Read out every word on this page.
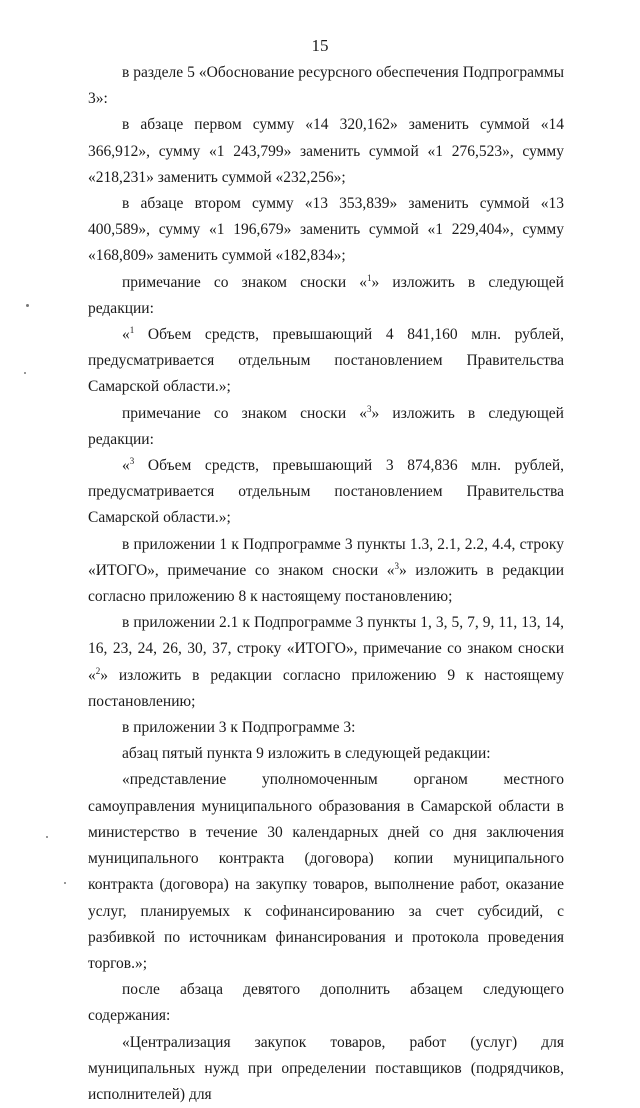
15

в разделе 5 «Обоснование ресурсного обеспечения Подпрограммы 3»:

в абзаце первом сумму «14 320,162» заменить суммой «14 366,912», сумму «1 243,799» заменить суммой «1 276,523», сумму «218,231» заменить суммой «232,256»;

в абзаце втором сумму «13 353,839» заменить суммой «13 400,589», сумму «1 196,679» заменить суммой «1 229,404», сумму «168,809» заменить суммой «182,834»;

примечание со знаком сноски «$^1$» изложить в следующей редакции:

«$^1$ Объем средств, превышающий 4 841,160 млн. рублей, предусматривается отдельным постановлением Правительства Самарской области.»;

примечание со знаком сноски «$^3$» изложить в следующей редакции:

«$^3$ Объем средств, превышающий 3 874,836 млн. рублей, предусматривается отдельным постановлением Правительства Самарской области.»;

в приложении 1 к Подпрограмме 3 пункты 1.3, 2.1, 2.2, 4.4, строку «ИТОГО», примечание со знаком сноски «$^3$» изложить в редакции согласно приложению 8 к настоящему постановлению;

в приложении 2.1 к Подпрограмме 3 пункты 1, 3, 5, 7, 9, 11, 13, 14, 16, 23, 24, 26, 30, 37, строку «ИТОГО», примечание со знаком сноски «$^2$» изложить в редакции согласно приложению 9 к настоящему постановлению;

в приложении 3 к Подпрограмме 3:

абзац пятый пункта 9 изложить в следующей редакции:

«представление уполномоченным органом местного самоуправления муниципального образования в Самарской области в министерство в течение 30 календарных дней со дня заключения муниципального контракта (договора) копии муниципального контракта (договора) на закупку товаров, выполнение работ, оказание услуг, планируемых к софинансированию за счет субсидий, с разбивкой по источникам финансирования и протокола проведения торгов.»;

после абзаца девятого дополнить абзацем следующего содержания:

«Централизация закупок товаров, работ (услуг) для муниципальных нужд при определении поставщиков (подрядчиков, исполнителей) для
